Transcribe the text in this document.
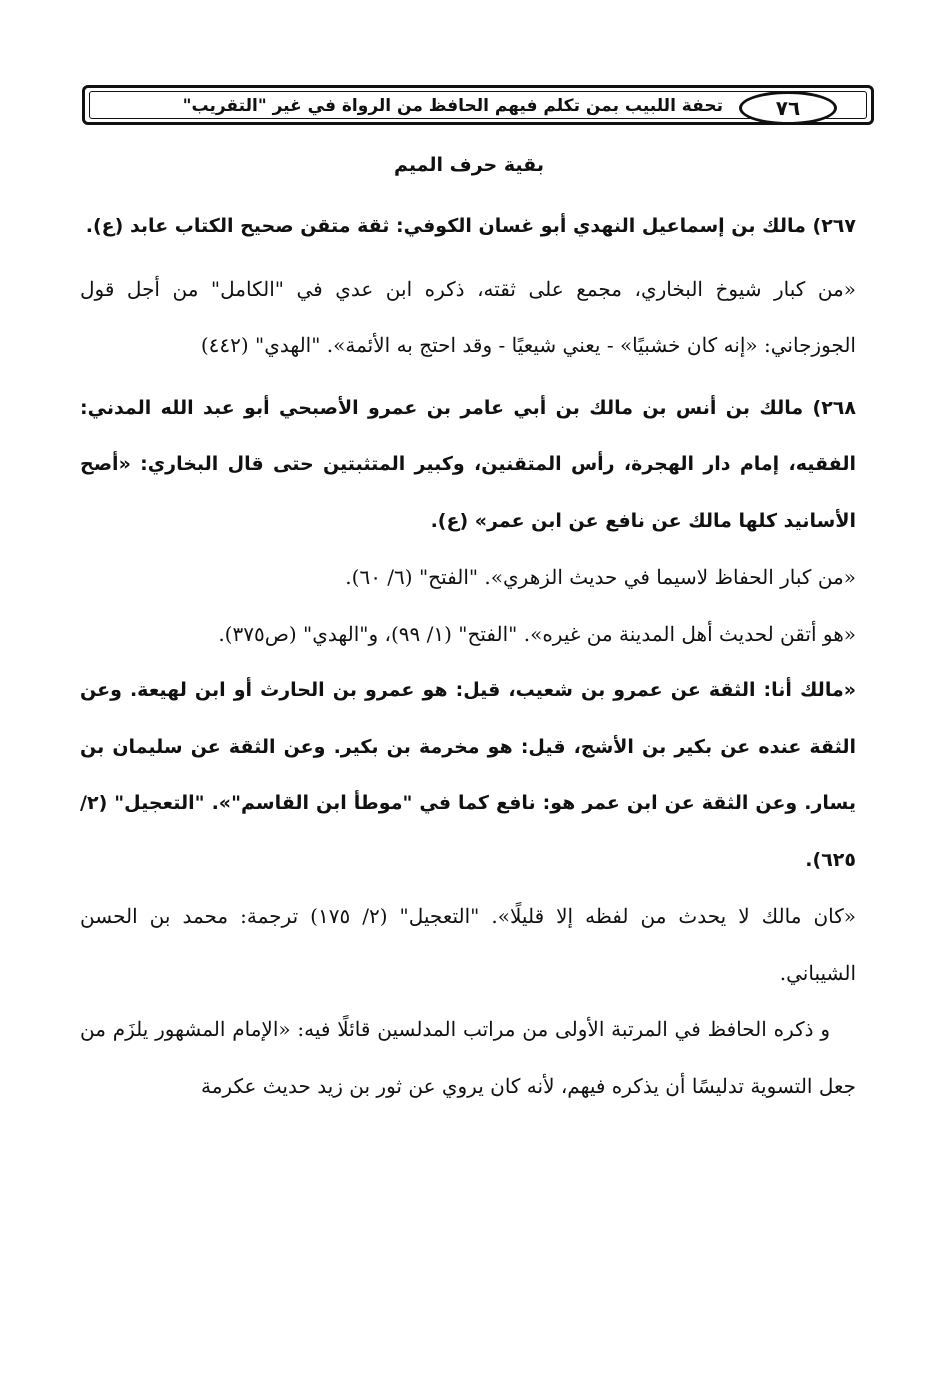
٧٦
تحفة اللبيب بمن تكلم فيهم الحافظ من الرواة في غير "التقريب"
بقية حرف الميم

٢٦٧) مالك بن إسماعيل النهدي أبو غسان الكوفي: ثقة متقن صحيح الكتاب عابد (ع).

«من كبار شيوخ البخاري، مجمع على ثقته، ذكره ابن عدي في "الكامل" من أجل قول الجوزجاني: «إنه كان خشبيًا» - يعني شيعيًا - وقد احتج به الأئمة». "الهدي" (٤٤٢)

٢٦٨) مالك بن أنس بن مالك بن أبي عامر بن عمرو الأصبحي أبو عبد الله المدني: الفقيه، إمام دار الهجرة، رأس المتقنين، وكبير المتثبتين حتى قال البخاري: «أصح الأسانيد كلها مالك عن نافع عن ابن عمر» (ع).

«من كبار الحفاظ لاسيما في حديث الزهري». "الفتح" (٦/ ٦٠).

«هو أتقن لحديث أهل المدينة من غيره». "الفتح" (١/ ٩٩)، و"الهدي" (ص٣٧٥).

«مالك أنا: الثقة عن عمرو بن شعيب، قيل: هو عمرو بن الحارث أو ابن لهيعة. وعن الثقة عنده عن بكير بن الأشج، قيل: هو مخرمة بن بكير. وعن الثقة عن سليمان بن يسار. وعن الثقة عن ابن عمر هو: نافع كما في "موطأ ابن القاسم"». "التعجيل" (٢/ ٦٢٥).

«كان مالك لا يحدث من لفظه إلا قليلًا». "التعجيل" (٢/ ١٧٥) ترجمة: محمد بن الحسن الشيباني.

و ذكره الحافظ في المرتبة الأولى من مراتب المدلسين قائلًا فيه: «الإمام المشهور يلزَم من جعل التسوية تدليسًا أن يذكره فيهم، لأنه كان يروي عن ثور بن زيد حديث عكرمة
